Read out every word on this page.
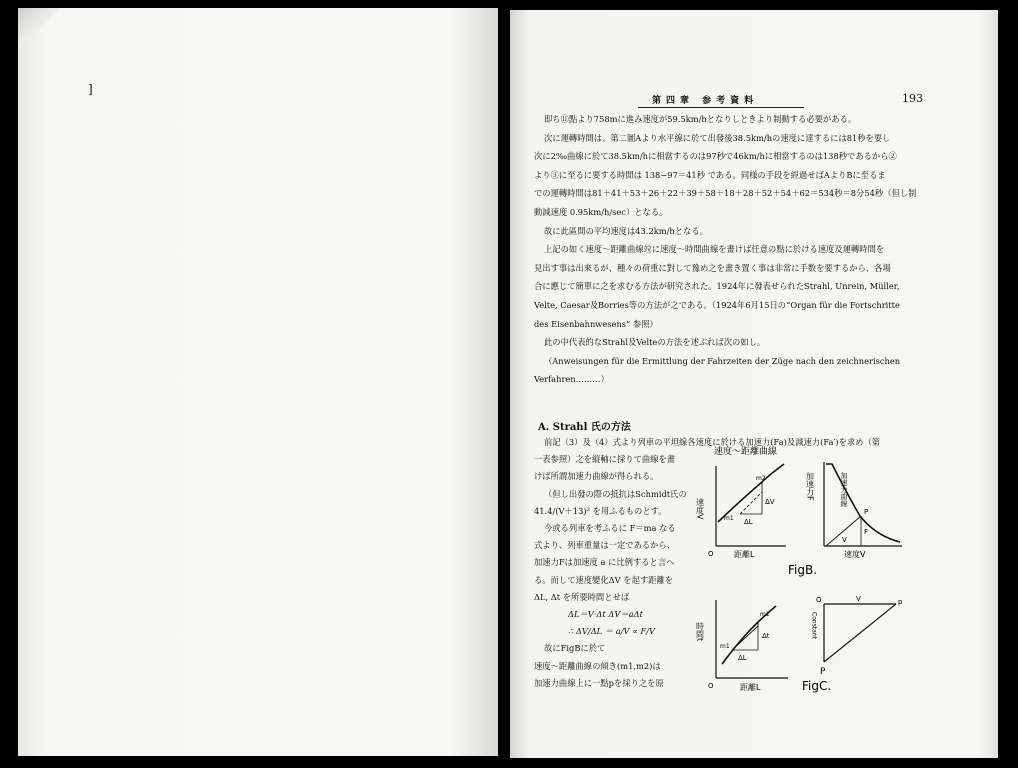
]
第四章 参考資料	193

即ち⑪點より758mに進み速度が59.5km/hとなりしときより制動する必要がある。

次に運轉時間は、第二圖Aより水平線に於て出發後38.5km/hの速度に達するには81秒を要し

次に2‰曲線に於て38.5km/hに相當するのは97秒で46km/hに相當するのは138秒であるから②

より③に至るに要する時間は 138−97＝41秒 である。同様の手段を經過せばAよりBに至るま

での運轉時間は81＋41＋53＋26＋22＋39＋58＋18＋28＋52＋54＋62＝534秒＝8分54秒（但し制

動減速度 0.95km/h/sec）となる。

故に此區間の平均速度は43.2km/hとなる。

上記の如く速度〜距離曲線竝に速度〜時間曲線を畫けば任意の點に於ける速度及運轉時間を

見出す事は出來るが、種々の荷重に對して豫め之を畫き置く事は非常に手数を要するから、各場

合に應じて簡單に之を求むる方法が研究された。1924年に發表せられたStrahl, Unrein, Müller,

Velte, Caesar及Borries等の方法が之である。（1924年6月15日の“Organ für die Fortschritte

des Eisenbahnwesens” 参照）

此の中代表的なStrahl及Velteの方法を述ぶれば次の如し。

（Anweisungen für die Ermittlung der Fahrzeiten der Züge nach den zeichnerischen

Verfahren………）

A. Strahl 氏の方法

前記（3）及（4）式より列車の平坦線各速度に於ける加速力(Fa)及減速力(Fa′)を求め（第

一表参照）之を縦軸に採りて曲線を畫

けば所謂加速力曲線が得られる。

（但し出發の際の抵抗はSchmidt氏の

41.4/(V＋13)² を用ふるものとす。

今或る列車を考ふるに F＝ma なる

式より、列車重量は一定であるから、

加速力Fは加速度 a に比例すると言へ

る。而して速度變化ΔV を起す距離を

ΔL, Δt を所要時間とせば

ΔL＝V·Δt ΔV＝aΔt

∴ ΔV/ΔL ＝ a/V ∝ F/V

故にFigBに於て

速度〜距離曲線の傾き(m1,m2)は

加速力曲線上に一點pを採り之を原

速度〜距離曲線
m1
m2
ΔV
ΔL
速度V
O	距離L
加速力曲線
P
F
V
加速力F
速度V
FigB.
m1
m2
Δt
ΔL
時間t
O	距離L
O	V	p
Constant
P
FigC.
